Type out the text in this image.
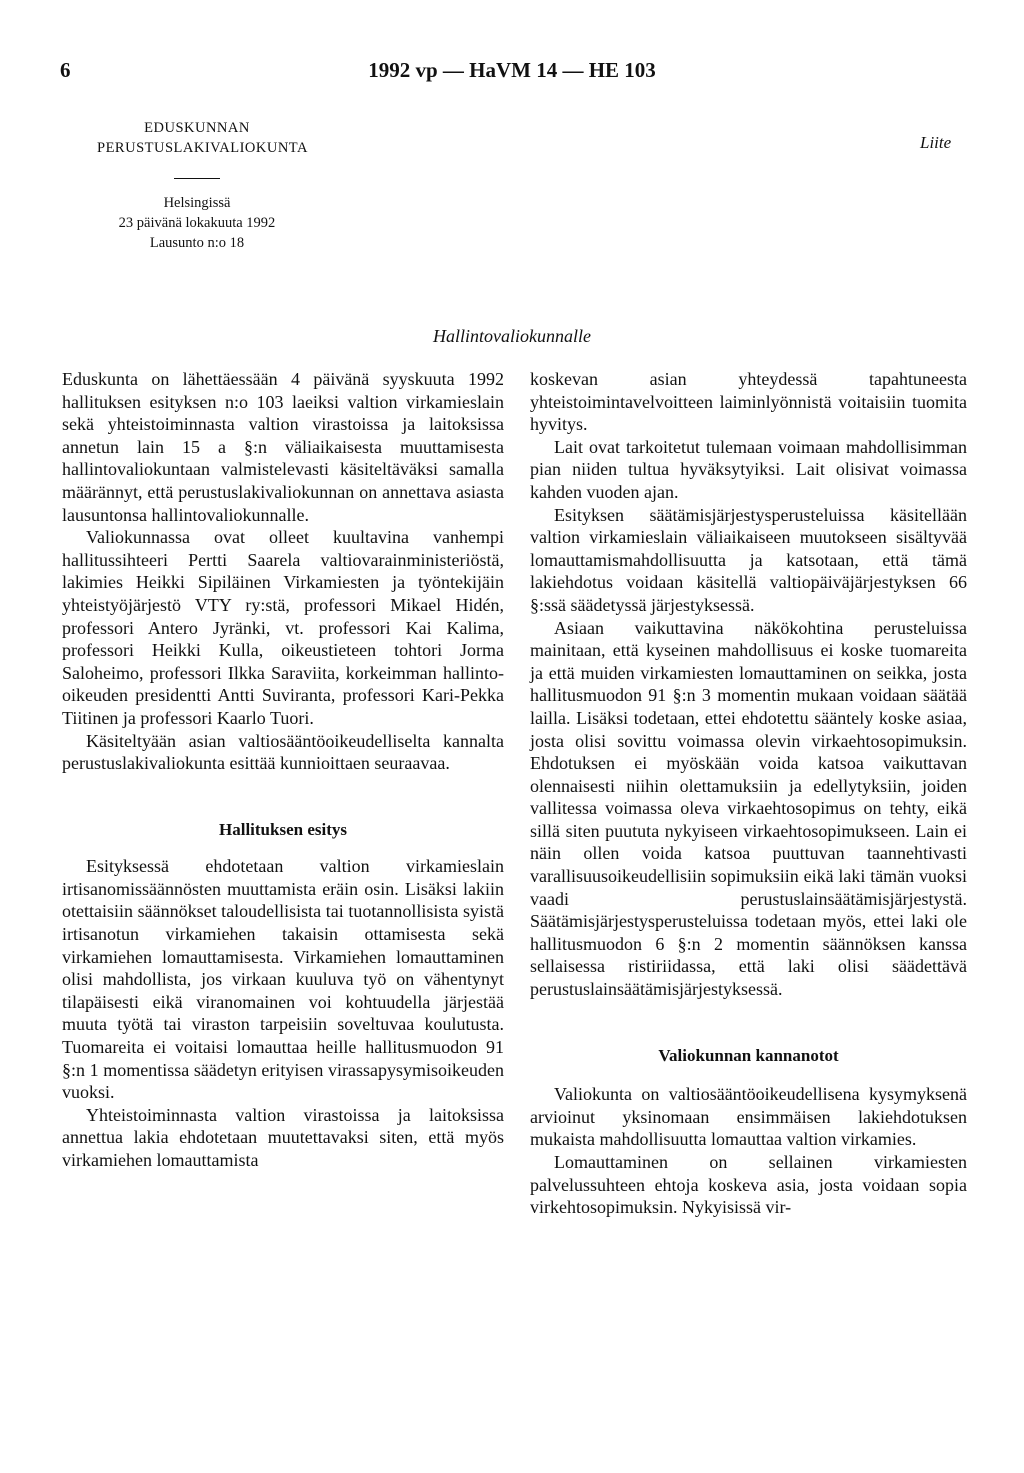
6	1992 vp — HaVM 14 — HE 103
EDUSKUNNAN
PERUSTUSLAKIVALIOKUNTA
Helsingissä
23 päivänä lokakuuta 1992
Lausunto n:o 18
Liite
Hallintovaliokunnalle

Eduskunta on lähettäessään 4 päivänä syyskuuta 1992 hallituksen esityksen n:o 103 laeiksi valtion virkamieslain sekä yhteistoiminnasta valtion virastoissa ja laitoksissa annetun lain 15 a §:n väliaikaisesta muuttamisesta hallintovaliokuntaan valmistelevasti käsiteltäväksi samalla määrännyt, että perustuslakivaliokunnan on annettava asiasta lausuntonsa hallintovaliokunnalle.

Valiokunnassa ovat olleet kuultavina vanhempi hallitussihteeri Pertti Saarela valtiovarainministeriöstä, lakimies Heikki Sipiläinen Virkamiesten ja työntekijäin yhteistyöjärjestö VTY ry:stä, professori Mikael Hidén, professori Antero Jyränki, vt. professori Kai Kalima, professori Heikki Kulla, oikeustieteen tohtori Jorma Saloheimo, professori Ilkka Saraviita, korkeimman hallinto-oikeuden presidentti Antti Suviranta, professori Kari-Pekka Tiitinen ja professori Kaarlo Tuori.

Käsiteltyään asian valtiosääntöoikeudelliselta kannalta perustuslakivaliokunta esittää kunnioittaen seuraavaa.

Hallituksen esitys

Esityksessä ehdotetaan valtion virkamieslain irtisanomissäännösten muuttamista eräin osin. Lisäksi lakiin otettaisiin säännökset taloudellisista tai tuotannollisista syistä irtisanotun virkamiehen takaisin ottamisesta sekä virkamiehen lomauttamisesta. Virkamiehen lomauttaminen olisi mahdollista, jos virkaan kuuluva työ on vähentynyt tilapäisesti eikä viranomainen voi kohtuudella järjestää muuta työtä tai viraston tarpeisiin soveltuvaa koulutusta. Tuomareita ei voitaisi lomauttaa heille hallitusmuodon 91 §:n 1 momentissa säädetyn erityisen virassapysymisoikeuden vuoksi.

Yhteistoiminnasta valtion virastoissa ja laitoksissa annettua lakia ehdotetaan muutettavaksi siten, että myös virkamiehen lomauttamista

koskevan asian yhteydessä tapahtuneesta yhteistoimintavelvoitteen laiminlyönnistä voitaisiin tuomita hyvitys.

Lait ovat tarkoitetut tulemaan voimaan mahdollisimman pian niiden tultua hyväksytyiksi. Lait olisivat voimassa kahden vuoden ajan.

Esityksen säätämisjärjestysperusteluissa käsitellään valtion virkamieslain väliaikaiseen muutokseen sisältyvää lomauttamismahdollisuutta ja katsotaan, että tämä lakiehdotus voidaan käsitellä valtiopäiväjärjestyksen 66 §:ssä säädetyssä järjestyksessä.

Asiaan vaikuttavina näkökohtina perusteluissa mainitaan, että kyseinen mahdollisuus ei koske tuomareita ja että muiden virkamiesten lomauttaminen on seikka, josta hallitusmuodon 91 §:n 3 momentin mukaan voidaan säätää lailla. Lisäksi todetaan, ettei ehdotettu sääntely koske asiaa, josta olisi sovittu voimassa olevin virkaehtosopimuksin. Ehdotuksen ei myöskään voida katsoa vaikuttavan olennaisesti niihin olettamuksiin ja edellytyksiin, joiden vallitessa voimassa oleva virkaehtosopimus on tehty, eikä sillä siten puututa nykyiseen virkaehtosopimukseen. Lain ei näin ollen voida katsoa puuttuvan taannehtivasti varallisuusoikeudellisiin sopimuksiin eikä laki tämän vuoksi vaadi perustuslainsäätämisjärjestystä. Säätämisjärjestysperusteluissa todetaan myös, ettei laki ole hallitusmuodon 6 §:n 2 momentin säännöksen kanssa sellaisessa ristiriidassa, että laki olisi säädettävä perustuslainsäätämisjärjestyksessä.

Valiokunnan kannanotot

Valiokunta on valtiosääntöoikeudellisena kysymyksenä arvioinut yksinomaan ensimmäisen lakiehdotuksen mukaista mahdollisuutta lomauttaa valtion virkamies.

Lomauttaminen on sellainen virkamiesten palvelussuhteen ehtoja koskeva asia, josta voidaan sopia virkehtosopimuksin. Nykyisissä vir-
